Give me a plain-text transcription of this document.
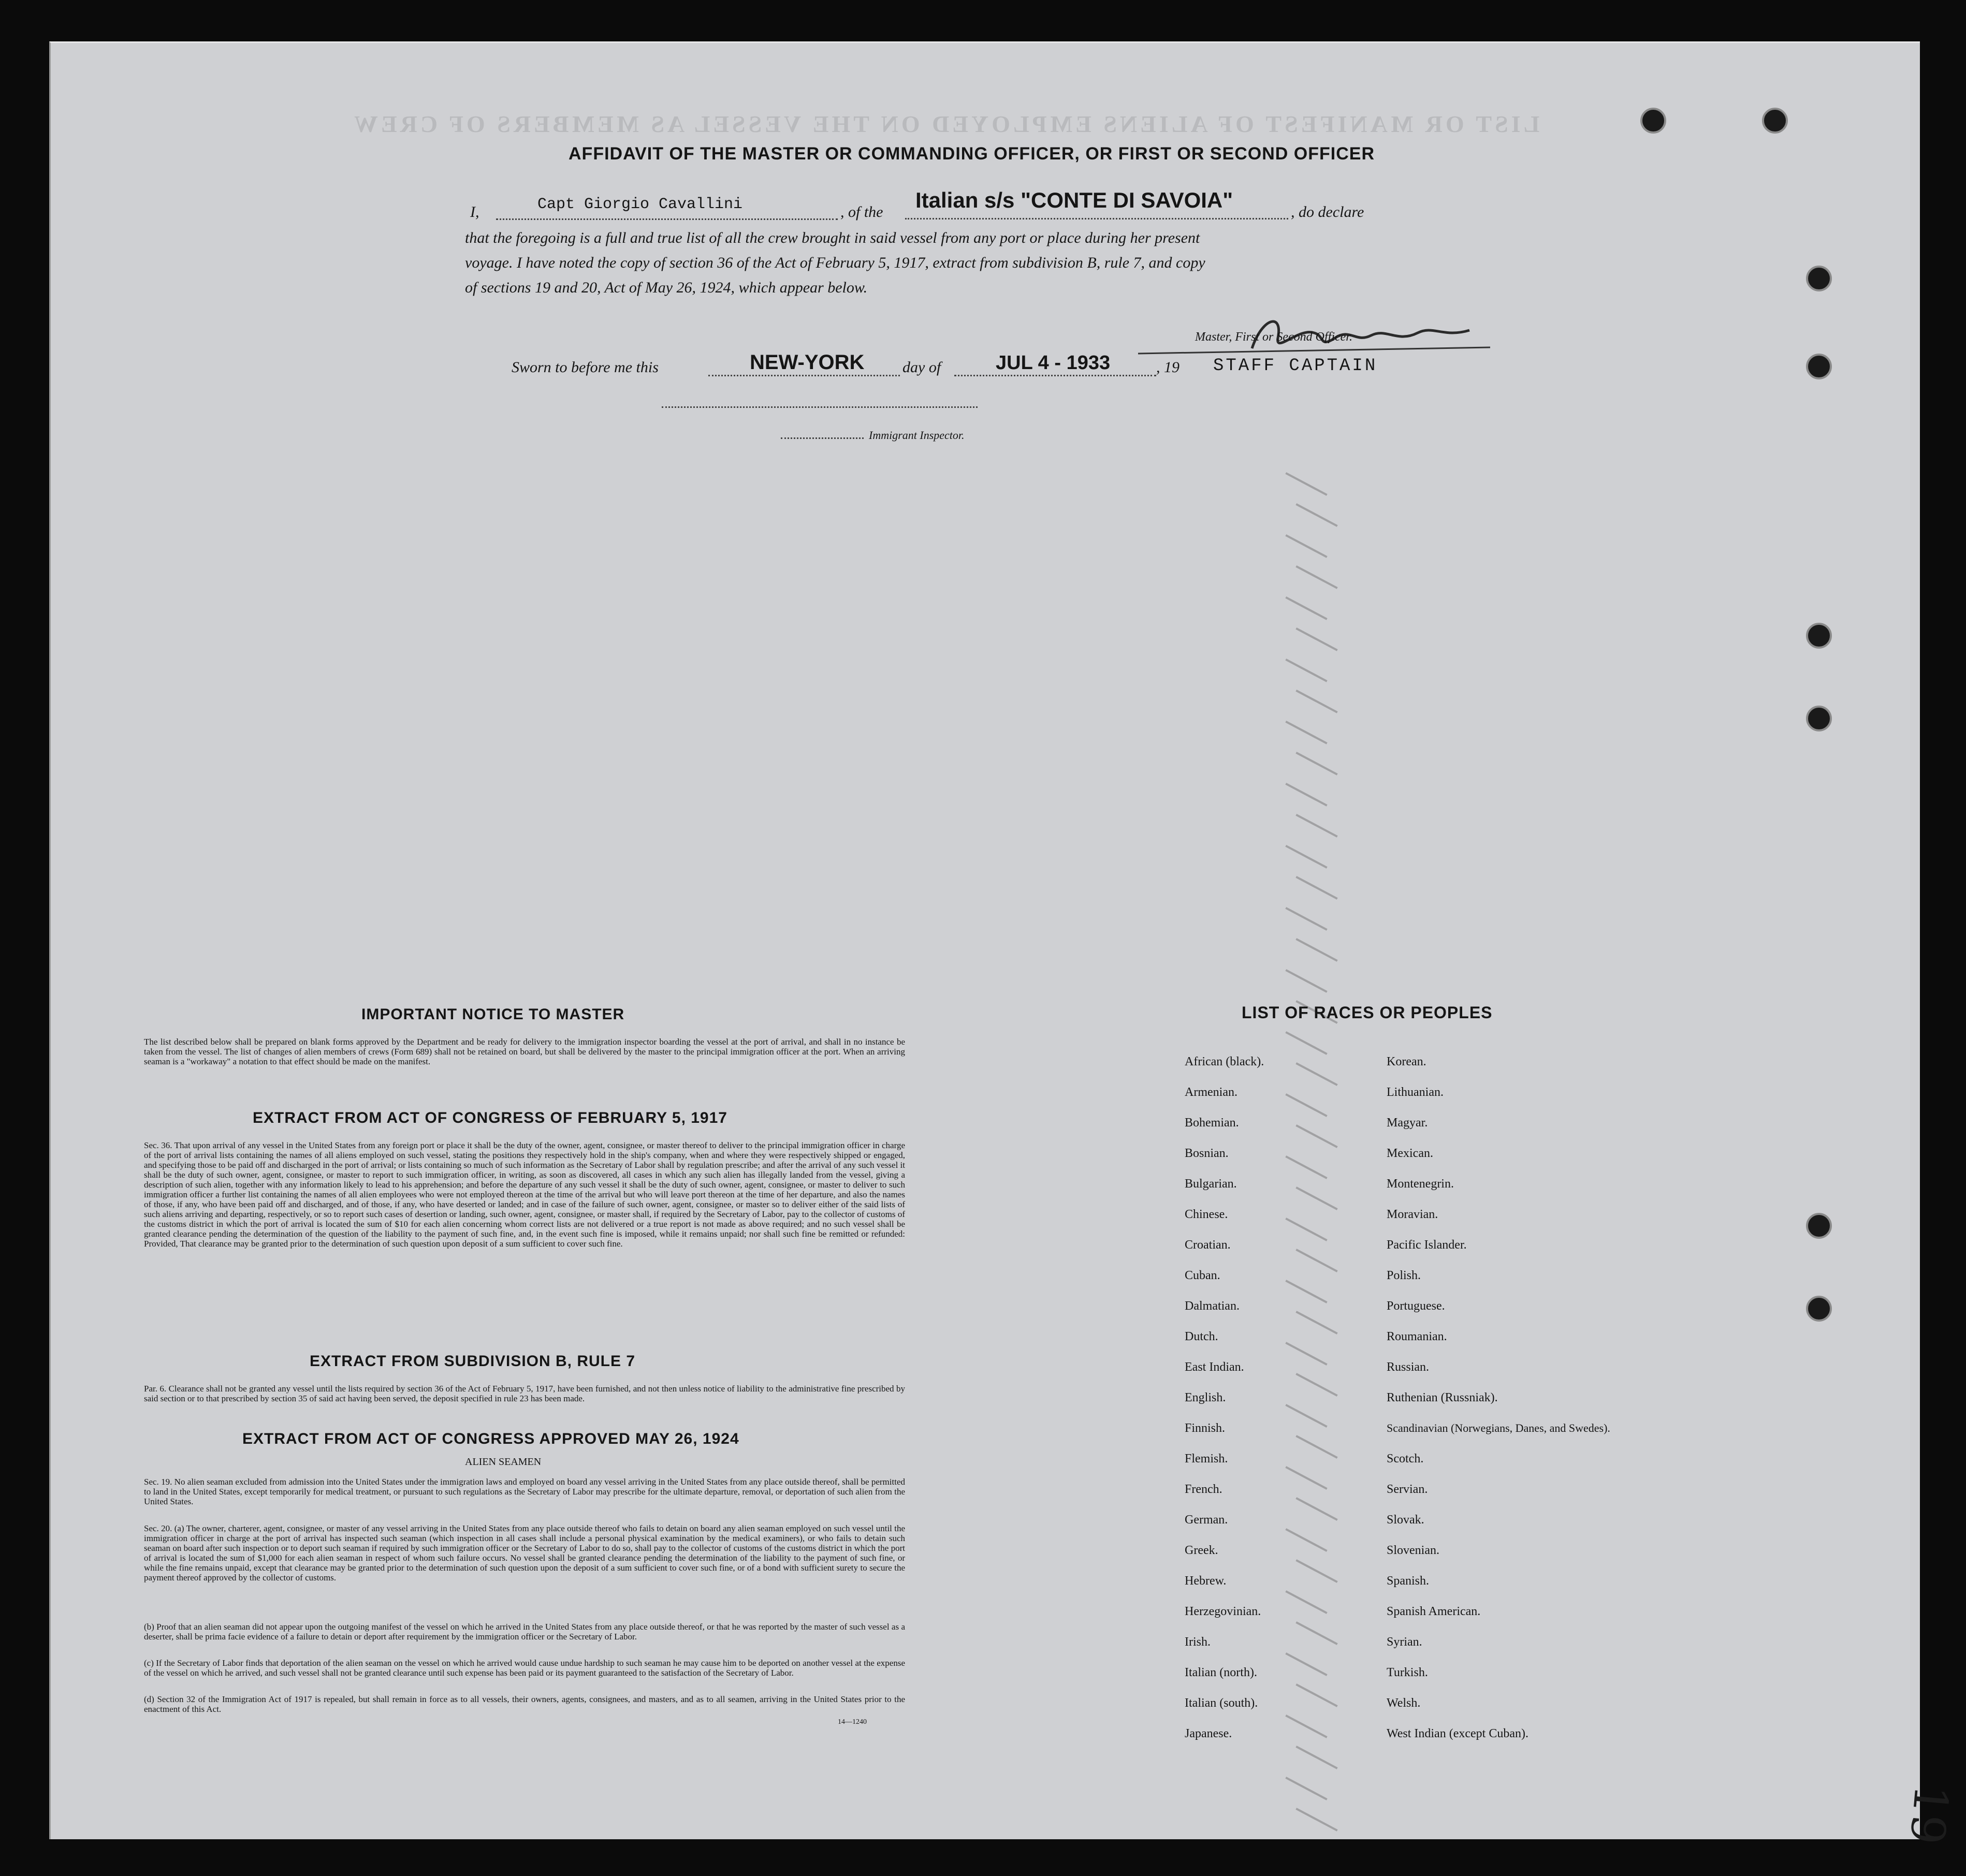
LIST OR MANIFEST OF ALIENS EMPLOYED ON THE VESSEL AS MEMBERS OF CREW

AFFIDAVIT OF THE MASTER OR COMMANDING OFFICER, OR FIRST OR SECOND OFFICER
I,	Capt Giorgio Cavallini	, of the Italian s/s "CONTE DI SAVOIA"	, do declare
that the foregoing is a full and true list of all the crew brought in said vessel from any port or place during her present
voyage. I have noted the copy of section 36 of the Act of February 5, 1917, extract from subdivision B, rule 7, and copy
of sections 19 and 20, Act of May 26, 1924, which appear below.
Master, First or Second Officer.
Sworn to before me this	NEW-YORK day of	JUL 4 - 1933	, 19 STAFF CAPTAIN
Immigrant Inspector.
IMPORTANT NOTICE TO MASTER
The list described below shall be prepared on blank forms approved by the Department and be ready for delivery to the immigration inspector boarding the vessel at the port of arrival, and shall in no instance be taken from the vessel. The list of changes of alien members of crews (Form 689) shall not be retained on board, but shall be delivered by the master to the principal immigration officer at the port. When an arriving seaman is a "workaway" a notation to that effect should be made on the manifest.
EXTRACT FROM ACT OF CONGRESS OF FEBRUARY 5, 1917
Sec. 36. That upon arrival of any vessel in the United States from any foreign port or place it shall be the duty of the owner, agent, consignee, or master thereof to deliver to the principal immigration officer in charge of the port of arrival lists containing the names of all aliens employed on such vessel, stating the positions they respectively hold in the ship's company, when and where they were respectively shipped or engaged, and specifying those to be paid off and discharged in the port of arrival; or lists containing so much of such information as the Secretary of Labor shall by regulation prescribe; and after the arrival of any such vessel it shall be the duty of such owner, agent, consignee, or master to report to such immigration officer, in writing, as soon as discovered, all cases in which any such alien has illegally landed from the vessel, giving a description of such alien, together with any information likely to lead to his apprehension; and before the departure of any such vessel it shall be the duty of such owner, agent, consignee, or master to deliver to such immigration officer a further list containing the names of all alien employees who were not employed thereon at the time of the arrival but who will leave port thereon at the time of her departure, and also the names of those, if any, who have been paid off and discharged, and of those, if any, who have deserted or landed; and in case of the failure of such owner, agent, consignee, or master so to deliver either of the said lists of such aliens arriving and departing, respectively, or so to report such cases of desertion or landing, such owner, agent, consignee, or master shall, if required by the Secretary of Labor, pay to the collector of customs of the customs district in which the port of arrival is located the sum of $10 for each alien concerning whom correct lists are not delivered or a true report is not made as above required; and no such vessel shall be granted clearance pending the determination of the question of the liability to the payment of such fine, and, in the event such fine is imposed, while it remains unpaid; nor shall such fine be remitted or refunded: Provided, That clearance may be granted prior to the determination of such question upon deposit of a sum sufficient to cover such fine.
EXTRACT FROM SUBDIVISION B, RULE 7
Par. 6. Clearance shall not be granted any vessel until the lists required by section 36 of the Act of February 5, 1917, have been furnished, and not then unless notice of liability to the administrative fine prescribed by said section or to that prescribed by section 35 of said act having been served, the deposit specified in rule 23 has been made.
EXTRACT FROM ACT OF CONGRESS APPROVED MAY 26, 1924
ALIEN SEAMEN
Sec. 19. No alien seaman excluded from admission into the United States under the immigration laws and employed on board any vessel arriving in the United States from any place outside thereof, shall be permitted to land in the United States, except temporarily for medical treatment, or pursuant to such regulations as the Secretary of Labor may prescribe for the ultimate departure, removal, or deportation of such alien from the United States.
Sec. 20. (a) The owner, charterer, agent, consignee, or master of any vessel arriving in the United States from any place outside thereof who fails to detain on board any alien seaman employed on such vessel until the immigration officer in charge at the port of arrival has inspected such seaman (which inspection in all cases shall include a personal physical examination by the medical examiners), or who fails to detain such seaman on board after such inspection or to deport such seaman if required by such immigration officer or the Secretary of Labor to do so, shall pay to the collector of customs of the customs district in which the port of arrival is located the sum of $1,000 for each alien seaman in respect of whom such failure occurs. No vessel shall be granted clearance pending the determination of the liability to the payment of such fine, or while the fine remains unpaid, except that clearance may be granted prior to the determination of such question upon the deposit of a sum sufficient to cover such fine, or of a bond with sufficient surety to secure the payment thereof approved by the collector of customs.
(b) Proof that an alien seaman did not appear upon the outgoing manifest of the vessel on which he arrived in the United States from any place outside thereof, or that he was reported by the master of such vessel as a deserter, shall be prima facie evidence of a failure to detain or deport after requirement by the immigration officer or the Secretary of Labor.
(c) If the Secretary of Labor finds that deportation of the alien seaman on the vessel on which he arrived would cause undue hardship to such seaman he may cause him to be deported on another vessel at the expense of the vessel on which he arrived, and such vessel shall not be granted clearance until such expense has been paid or its payment guaranteed to the satisfaction of the Secretary of Labor.
(d) Section 32 of the Immigration Act of 1917 is repealed, but shall remain in force as to all vessels, their owners, agents, consignees, and masters, and as to all seamen, arriving in the United States prior to the enactment of this Act.
14—1240
LIST OF RACES OR PEOPLES
African (black).
Armenian.
Bohemian.
Bosnian.
Bulgarian.
Chinese.
Croatian.
Cuban.
Dalmatian.
Dutch.
East Indian.
English.
Finnish.
Flemish.
French.
German.
Greek.
Hebrew.
Herzegovinian.
Irish.
Italian (north).
Italian (south).
Japanese.
Korean.
Lithuanian.
Magyar.
Mexican.
Montenegrin.
Moravian.
Pacific Islander.
Polish.
Portuguese.
Roumanian.
Russian.
Ruthenian (Russniak).
Scandinavian (Norwegians, Danes, and Swedes).
Scotch.
Servian.
Slovak.
Slovenian.
Spanish.
Spanish American.
Syrian.
Turkish.
Welsh.
West Indian (except Cuban).
19
